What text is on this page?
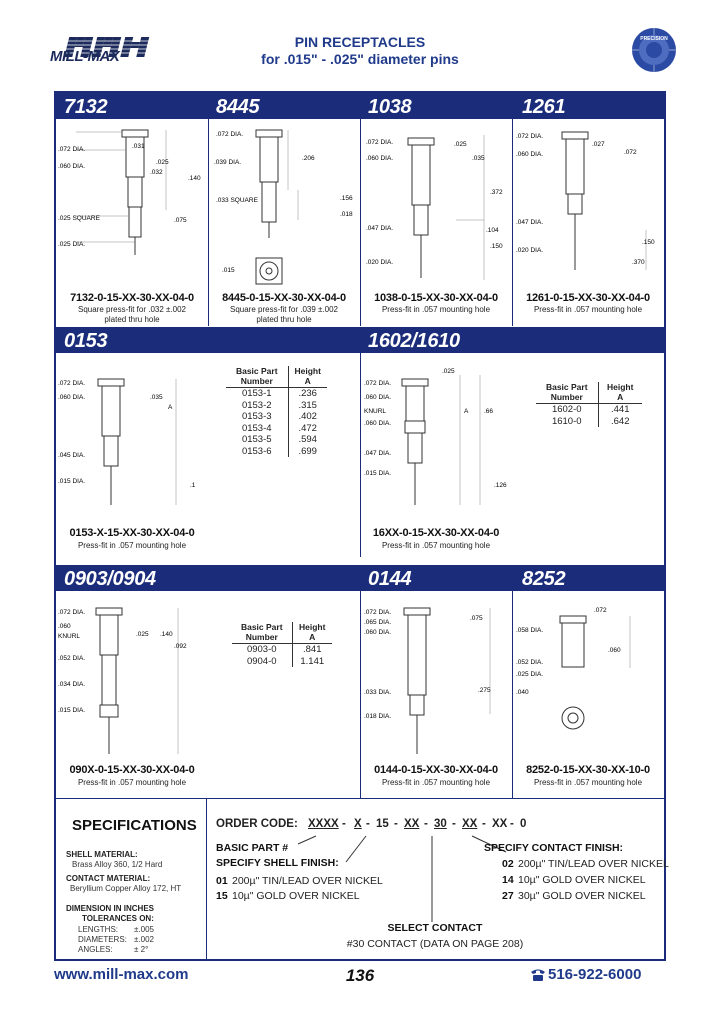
MILL-MAX
PIN RECEPTACLES
for .015" - .025" diameter pins
PRECISION
7132	8445	1038	1261
.072 DIA.	.031
.060 DIA.
.025
.032
.140
.025 SQUARE	.075
.025 DIA.
.072 DIA.
.039 DIA.
.206
.033 SQUARE	.156
.018
.015
.072 DIA.	.025
.060 DIA.	.035
.372
.047 DIA.	.104
.020 DIA.
.150
.072 DIA.
.027
.060 DIA.	.072
.047 DIA.
.150
.020 DIA.
.370
7132-0-15-XX-30-XX-04-0
Square press-fit for .032 ±.002
plated thru hole
8445-0-15-XX-30-XX-04-0
Square press-fit for .039 ±.002
plated thru hole
1038-0-15-XX-30-XX-04-0
Press-fit in .057 mounting hole
1261-0-15-XX-30-XX-04-0
Press-fit in .057 mounting hole
0153	1602/1610
.072 DIA.
.060 DIA.	.035
A
.045 DIA.
.015 DIA.
.1
.025
.072 DIA.
.060 DIA.
KNURL
.060 DIA.
.047 DIA.
.015 DIA.
A .66
.126
Basic Part Number	Height A
0153-1	.236
0153-2	.315
0153-3	.402
0153-4	.472
0153-5	.594
0153-6	.699
Basic Part Number	Height A
1602-0	.441
1610-0	.642
0153-X-15-XX-30-XX-04-0
Press-fit in .057 mounting hole
16XX-0-15-XX-30-XX-04-0
Press-fit in .057 mounting hole
0903/0904	0144	8252
.072 DIA.
.060
KNURL	.025 .140
.052 DIA.
.092
.034 DIA.
.015 DIA.
.072 DIA.
.075
.065 DIA.
.060 DIA.
.275
.033 DIA.
.018 DIA.
.072
.058 DIA.
.052 DIA.
.060
.025 DIA.
.040
Basic Part Number	Height A
0903-0	.841
0904-0	1.141
090X-0-15-XX-30-XX-04-0
Press-fit in .057 mounting hole
0144-0-15-XX-30-XX-04-0
Press-fit in .057 mounting hole
8252-0-15-XX-30-XX-10-0
Press-fit in .057 mounting hole
SPECIFICATIONS
SHELL MATERIAL:
Brass Alloy 360, 1/2 Hard
CONTACT MATERIAL:
Beryllium Copper Alloy 172, HT
DIMENSION IN INCHES
TOLERANCES ON:
LENGTHS:	±.005
DIAMETERS: ±.002
ANGLES:	± 2°
ORDER CODE: XXXX - X - 15 - XX - 30 - XX - XX - 0
BASIC PART #
SPECIFY SHELL FINISH:
01 200µ" TIN/LEAD OVER NICKEL
15 10µ" GOLD OVER NICKEL
SPECIFY CONTACT FINISH:
02 200µ" TIN/LEAD OVER NICKEL
14 10µ" GOLD OVER NICKEL
27 30µ" GOLD OVER NICKEL
SELECT CONTACT
#30 CONTACT (DATA ON PAGE 208)
www.mill-max.com	136	516-922-6000
